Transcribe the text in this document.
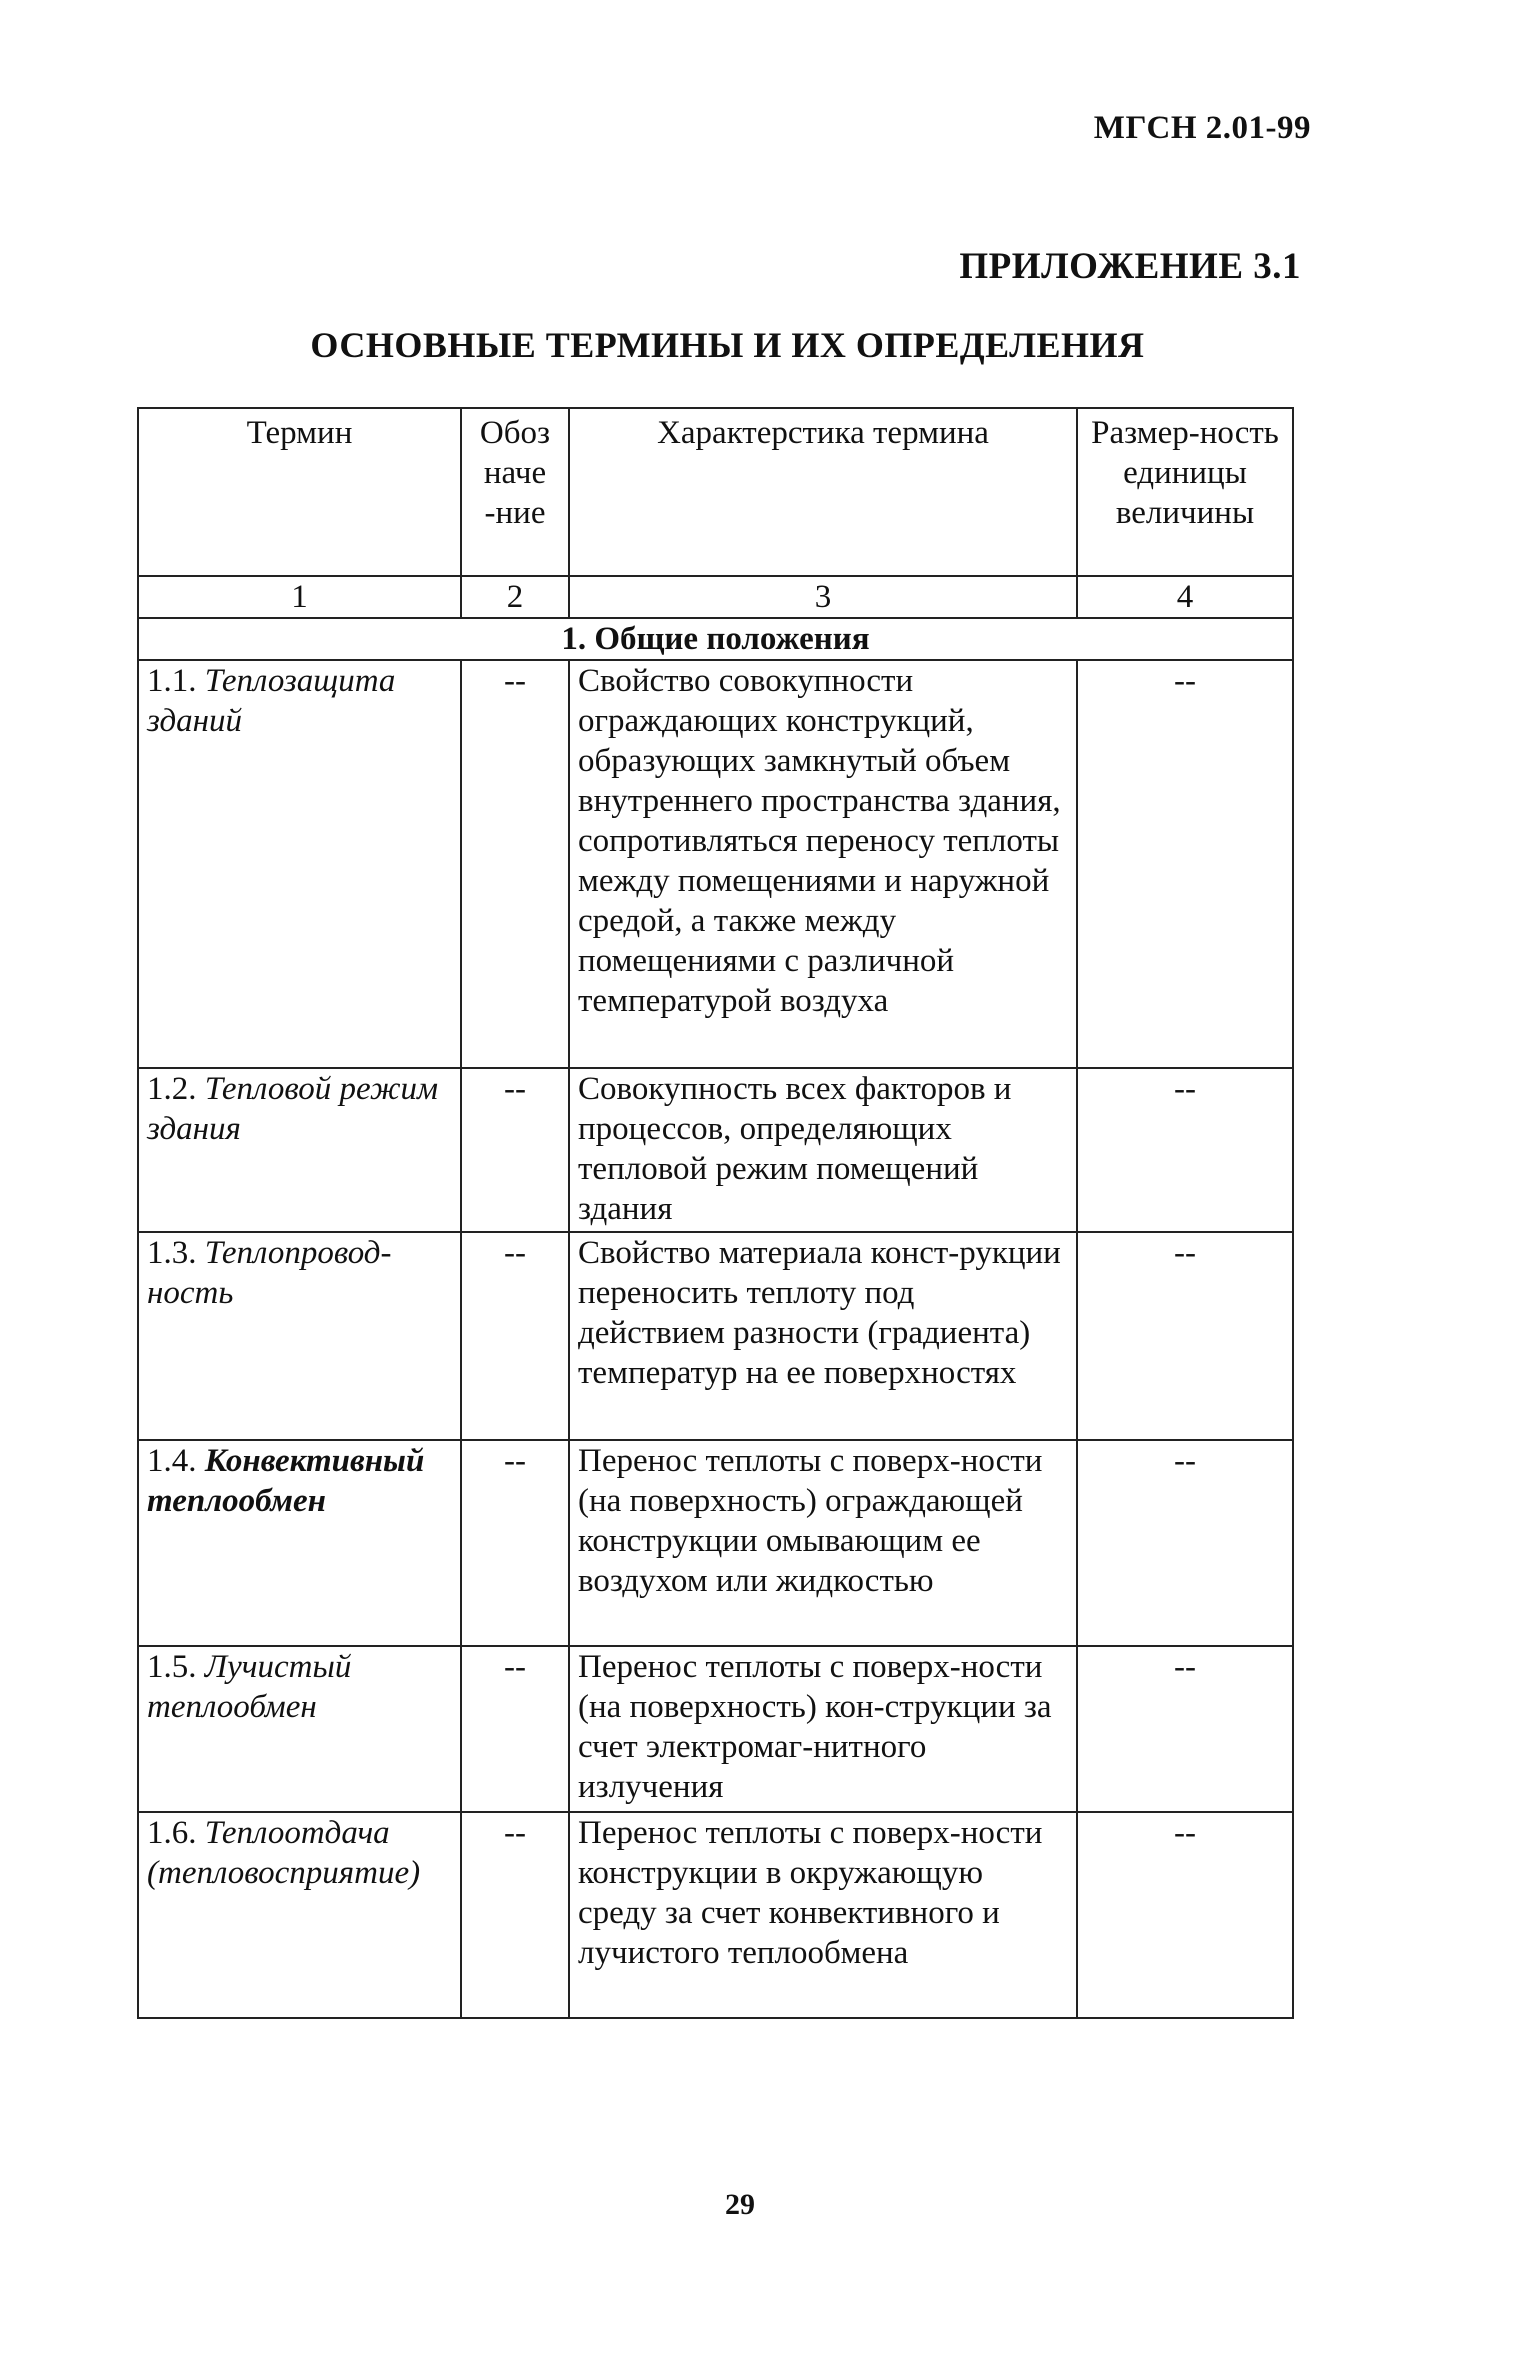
МГСН 2.01-99
ПРИЛОЖЕНИЕ 3.1
ОСНОВНЫЕ ТЕРМИНЫ И ИХ ОПРЕДЕЛЕНИЯ
Термин	Обоз наче -ние	Характерстика термина	Размер-ность единицы величины
1	2	3	4
1. Общие положения			
1.1. Теплозащита зданий	--	Свойство совокупности ограждающих конструкций, образующих замкнутый объем внутреннего пространства здания, сопротивляться переносу теплоты между помещениями и наружной средой, а также между помещениями с различной температурой воздуха	--
1.2. Тепловой режим здания	--	Совокупность всех факторов и процессов, определяющих тепловой режим помещений здания	--
1.3. Теплопровод-ность	--	Свойство материала конст-рукции переносить теплоту под действием разности (градиента) температур на ее поверхностях	--
1.4. Конвективный теплообмен	--	Перенос теплоты с поверх-ности (на поверхность) ограждающей конструкции омывающим ее воздухом или жидкостью	--
1.5. Лучистый теплообмен	--	Перенос теплоты с поверх-ности (на поверхность) кон-струкции за счет электромаг-нитного излучения	--
1.6. Теплоотдача (тепловосприятие)	--	Перенос теплоты с поверх-ности конструкции в окружающую среду за счет конвективного и лучистого теплообмена	--
29
